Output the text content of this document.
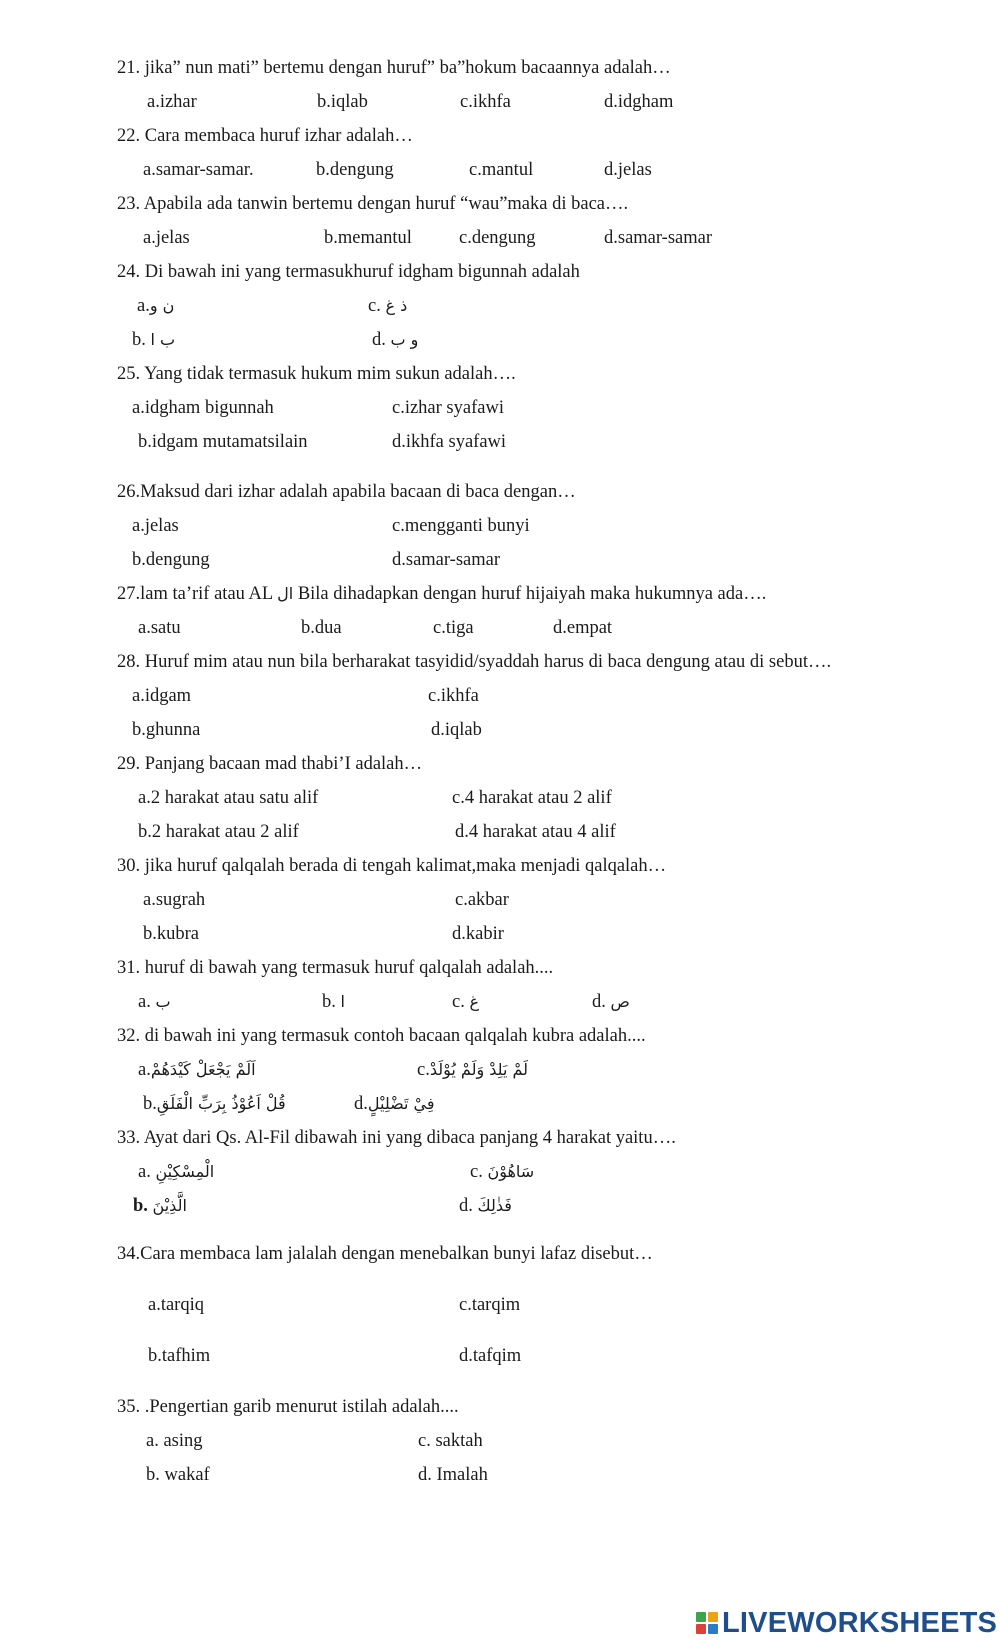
21. jika” nun mati” bertemu dengan huruf” ba”hokum bacaannya adalah…
a.izhar	b.iqlab	c.ikhfa	d.idgham
22. Cara membaca huruf izhar adalah…
a.samar-samar.	b.dengung	c.mantul	d.jelas
23. Apabila ada tanwin bertemu dengan huruf “wau”maka di baca….
a.jelas	b.memantul	c.dengung	d.samar-samar
24. Di bawah ini yang termasukhuruf idgham bigunnah adalah
a.ن و	c. ذ غ
b. ب ا	d. و ب
25. Yang tidak termasuk hukum mim sukun adalah….
a.idgham bigunnah	c.izhar syafawi
b.idgam mutamatsilain	d.ikhfa syafawi
26.Maksud dari izhar adalah apabila bacaan di baca dengan…
a.jelas	c.mengganti bunyi
b.dengung	d.samar-samar
27.lam ta’rif atau AL ال Bila dihadapkan dengan huruf hijaiyah maka hukumnya ada….
a.satu	b.dua	c.tiga	d.empat
28. Huruf mim atau nun bila berharakat tasyidid/syaddah harus di baca dengung atau di sebut….
a.idgam	c.ikhfa
b.ghunna	d.iqlab
29. Panjang bacaan mad thabi’I adalah…
a.2 harakat atau satu alif	c.4 harakat atau 2 alif
b.2 harakat atau 2 alif	d.4 harakat atau 4 alif
30. jika huruf qalqalah berada di tengah kalimat,maka menjadi qalqalah…
a.sugrah	c.akbar
b.kubra	d.kabir
31. huruf di bawah yang termasuk huruf qalqalah adalah....
a. ب	b. ا	c. غ	d. ص
32. di bawah ini yang termasuk contoh bacaan qalqalah kubra adalah....
a.اَلَمْ يَجْعَلْ كَيْدَهُمْ	c.لَمْ يَلِدْ وَلَمْ يُوْلَدْ
b.قُلْ اَعُوْذُ بِرَبِّ الْفَلَقِ	d.فِيْ تَضْلِيْلٍ
33. Ayat dari Qs. Al-Fil dibawah ini yang dibaca panjang 4 harakat yaitu….
a. الْمِسْكِيْنِ	c. سَاهُوْنَ
b. الَّذِيْنَ	d. فَذٰلِكَ
34.Cara membaca lam jalalah dengan menebalkan bunyi lafaz disebut…
a.tarqiq	c.tarqim
b.tafhim	d.tafqim
35. .Pengertian garib menurut istilah adalah....
a. asing	c. saktah
b. wakaf	d. Imalah
LIVEWORKSHEETS
